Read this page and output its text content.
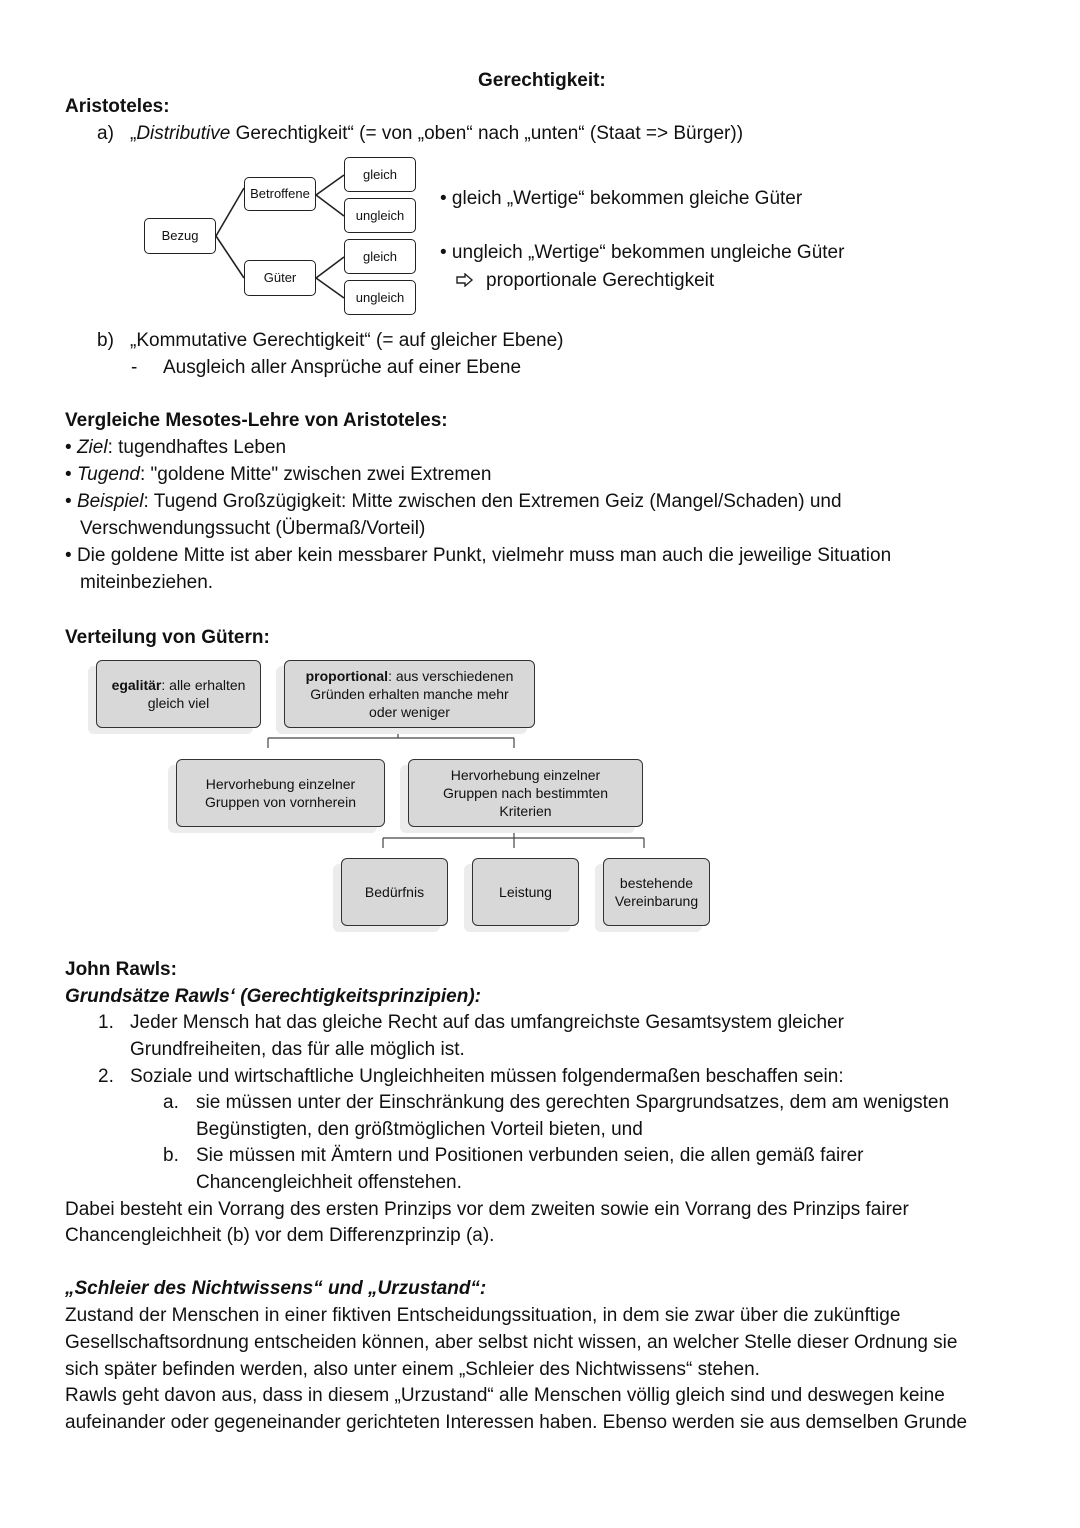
Gerechtigkeit:
Aristoteles:
a) „Distributive Gerechtigkeit“ (= von „oben“ nach „unten“ (Staat => Bürger))
Bezug
Betroffene
Güter
gleich
ungleich
gleich
ungleich
• gleich „Wertige“ bekommen gleiche Güter
• ungleich „Wertige“ bekommen ungleiche Güter
proportionale Gerechtigkeit
b) „Kommutative Gerechtigkeit“ (= auf gleicher Ebene)
- Ausgleich aller Ansprüche auf einer Ebene
Vergleiche Mesotes-Lehre von Aristoteles:
• Ziel: tugendhaftes Leben
• Tugend: "goldene Mitte" zwischen zwei Extremen
• Beispiel: Tugend Großzügigkeit: Mitte zwischen den Extremen Geiz (Mangel/Schaden) und
Verschwendungssucht (Übermaß/Vorteil)
• Die goldene Mitte ist aber kein messbarer Punkt, vielmehr muss man auch die jeweilige Situation
miteinbeziehen.
Verteilung von Gütern:
egalitär: alle erhalten gleich viel
proportional: aus verschiedenen Gründen erhalten manche mehr oder weniger
Hervorhebung einzelner Gruppen von vornherein
Hervorhebung einzelner Gruppen nach bestimmten Kriterien
Bedürfnis	Leistung
bestehende Vereinbarung
John Rawls:
Grundsätze Rawls‘ (Gerechtigkeitsprinzipien):
1. Jeder Mensch hat das gleiche Recht auf das umfangreichste Gesamtsystem gleicher
Grundfreiheiten, das für alle möglich ist.
2. Soziale und wirtschaftliche Ungleichheiten müssen folgendermaßen beschaffen sein:
a. sie müssen unter der Einschränkung des gerechten Spargrundsatzes, dem am wenigsten
Begünstigten, den größtmöglichen Vorteil bieten, und
b. Sie müssen mit Ämtern und Positionen verbunden seien, die allen gemäß fairer
Chancengleichheit offenstehen.
Dabei besteht ein Vorrang des ersten Prinzips vor dem zweiten sowie ein Vorrang des Prinzips fairer
Chancengleichheit (b) vor dem Differenzprinzip (a).
„Schleier des Nichtwissens“ und „Urzustand“:
Zustand der Menschen in einer fiktiven Entscheidungssituation, in dem sie zwar über die zukünftige
Gesellschaftsordnung entscheiden können, aber selbst nicht wissen, an welcher Stelle dieser Ordnung sie
sich später befinden werden, also unter einem „Schleier des Nichtwissens“ stehen.
Rawls geht davon aus, dass in diesem „Urzustand“ alle Menschen völlig gleich sind und deswegen keine
aufeinander oder gegeneinander gerichteten Interessen haben. Ebenso werden sie aus demselben Grunde
